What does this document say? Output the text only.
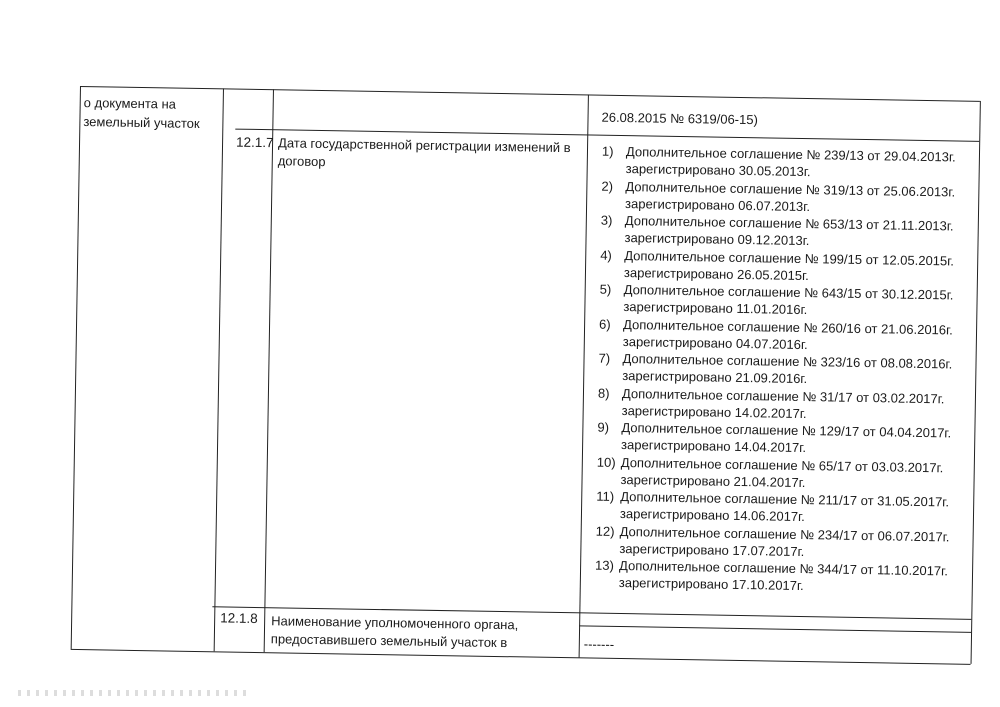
о документа на
земельный участок	26.08.2015 № 6319/06-15)
12.1.7 Дата государственной регистрации изменений в
договор
1) Дополнительное соглашение № 239/13 от 29.04.2013г.
зарегистрировано 30.05.2013г.
2) Дополнительное соглашение № 319/13 от 25.06.2013г.
зарегистрировано 06.07.2013г.
3) Дополнительное соглашение № 653/13 от 21.11.2013г.
зарегистрировано 09.12.2013г.
4) Дополнительное соглашение № 199/15 от 12.05.2015г.
зарегистрировано 26.05.2015г.
5) Дополнительное соглашение № 643/15 от 30.12.2015г.
зарегистрировано 11.01.2016г.
6) Дополнительное соглашение № 260/16 от 21.06.2016г.
зарегистрировано 04.07.2016г.
7) Дополнительное соглашение № 323/16 от 08.08.2016г.
зарегистрировано 21.09.2016г.
8) Дополнительное соглашение № 31/17 от 03.02.2017г.
зарегистрировано 14.02.2017г.
9) Дополнительное соглашение № 129/17 от 04.04.2017г.
зарегистрировано 14.04.2017г.
10) Дополнительное соглашение № 65/17 от 03.03.2017г.
зарегистрировано 21.04.2017г.
11) Дополнительное соглашение № 211/17 от 31.05.2017г.
зарегистрировано 14.06.2017г.
12) Дополнительное соглашение № 234/17 от 06.07.2017г.
зарегистрировано 17.07.2017г.
13) Дополнительное соглашение № 344/17 от 11.10.2017г.
зарегистрировано 17.10.2017г.
12.1.8 Наименование уполномоченного органа,
предоставившего земельный участок в	-------
